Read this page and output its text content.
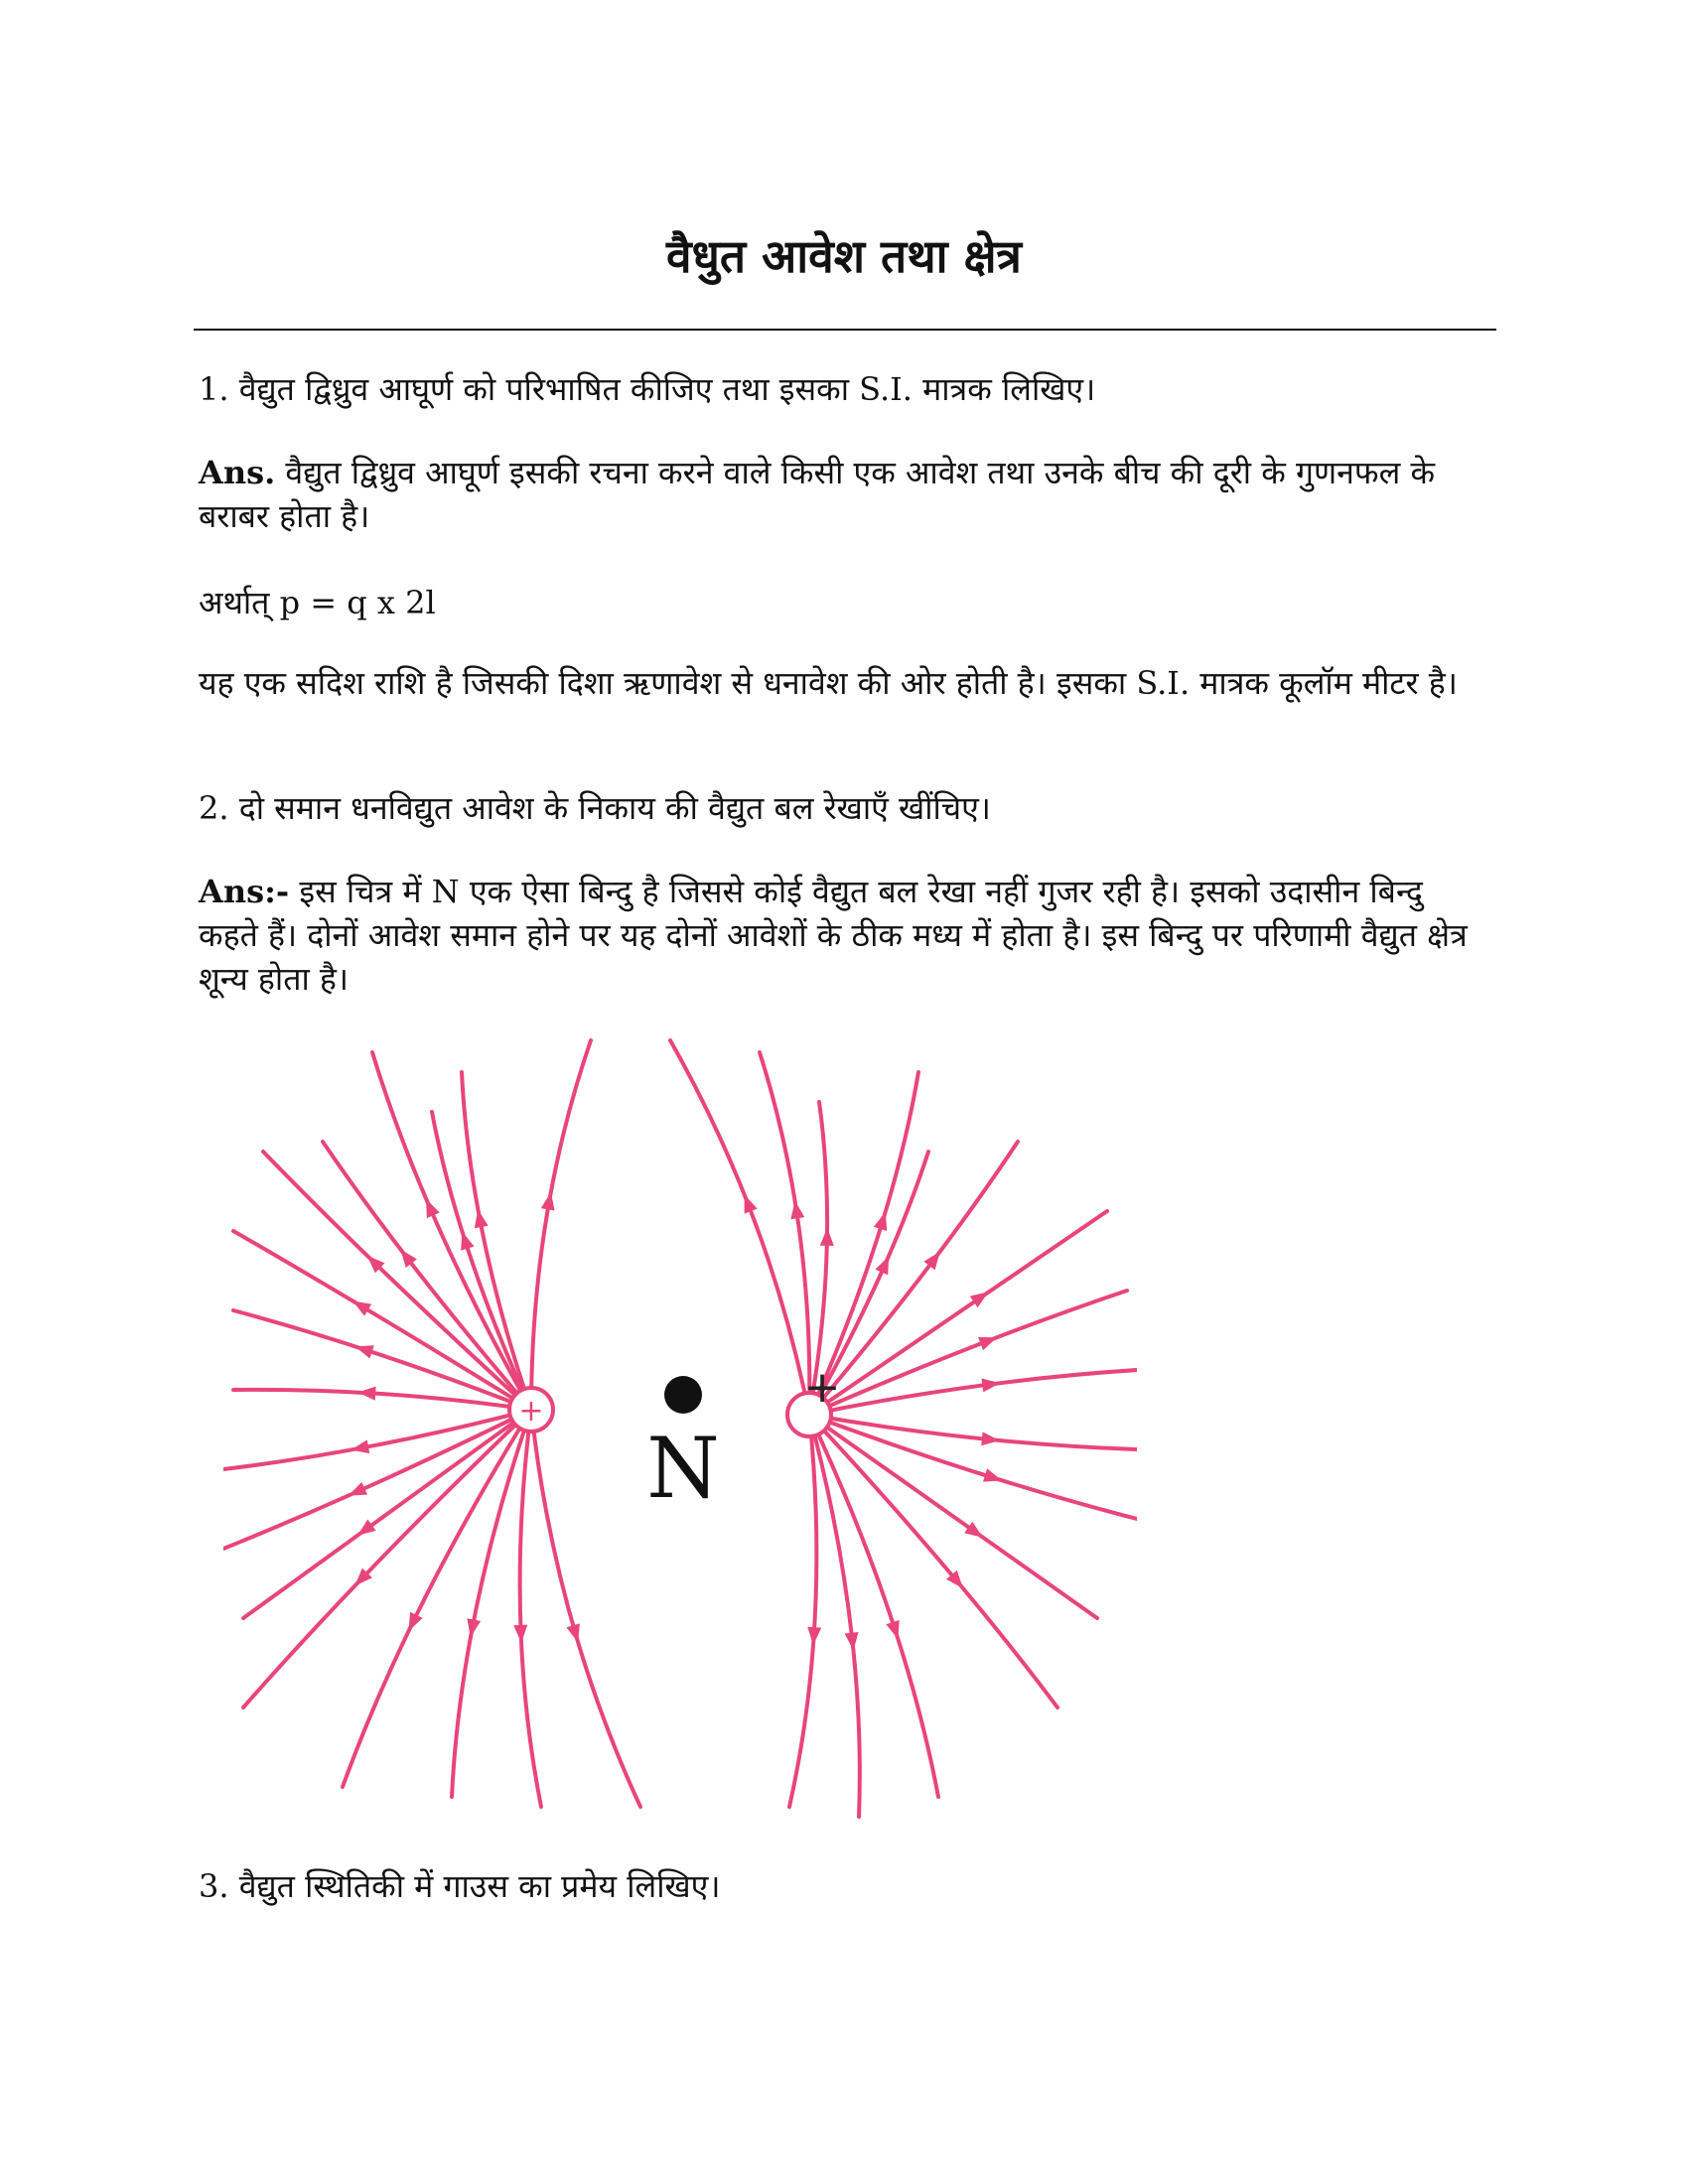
वैधुत आवेश तथा क्षेत्र

1. वैद्युत द्विध्रुव आघूर्ण को परिभाषित कीजिए तथा इसका S.I. मात्रक लिखिए।

Ans. वैद्युत द्विध्रुव आघूर्ण इसकी रचना करने वाले किसी एक आवेश तथा उनके बीच की दूरी के गुणनफल के बराबर होता है।

अर्थात् p = q x 2l

यह एक सदिश राशि है जिसकी दिशा ऋणावेश से धनावेश की ओर होती है। इसका S.I. मात्रक कूलॉम मीटर है।

2. दो समान धनविद्युत आवेश के निकाय की वैद्युत बल रेखाएँ खींचिए।

Ans:- इस चित्र में N एक ऐसा बिन्दु है जिससे कोई वैद्युत बल रेखा नहीं गुजर रही है। इसको उदासीन बिन्दु कहते हैं। दोनों आवेश समान होने पर यह दोनों आवेशों के ठीक मध्य में होता है। इस बिन्दु पर परिणामी वैद्युत क्षेत्र शून्य होता है।

+	+
N

3. वैद्युत स्थितिकी में गाउस का प्रमेय लिखिए।
